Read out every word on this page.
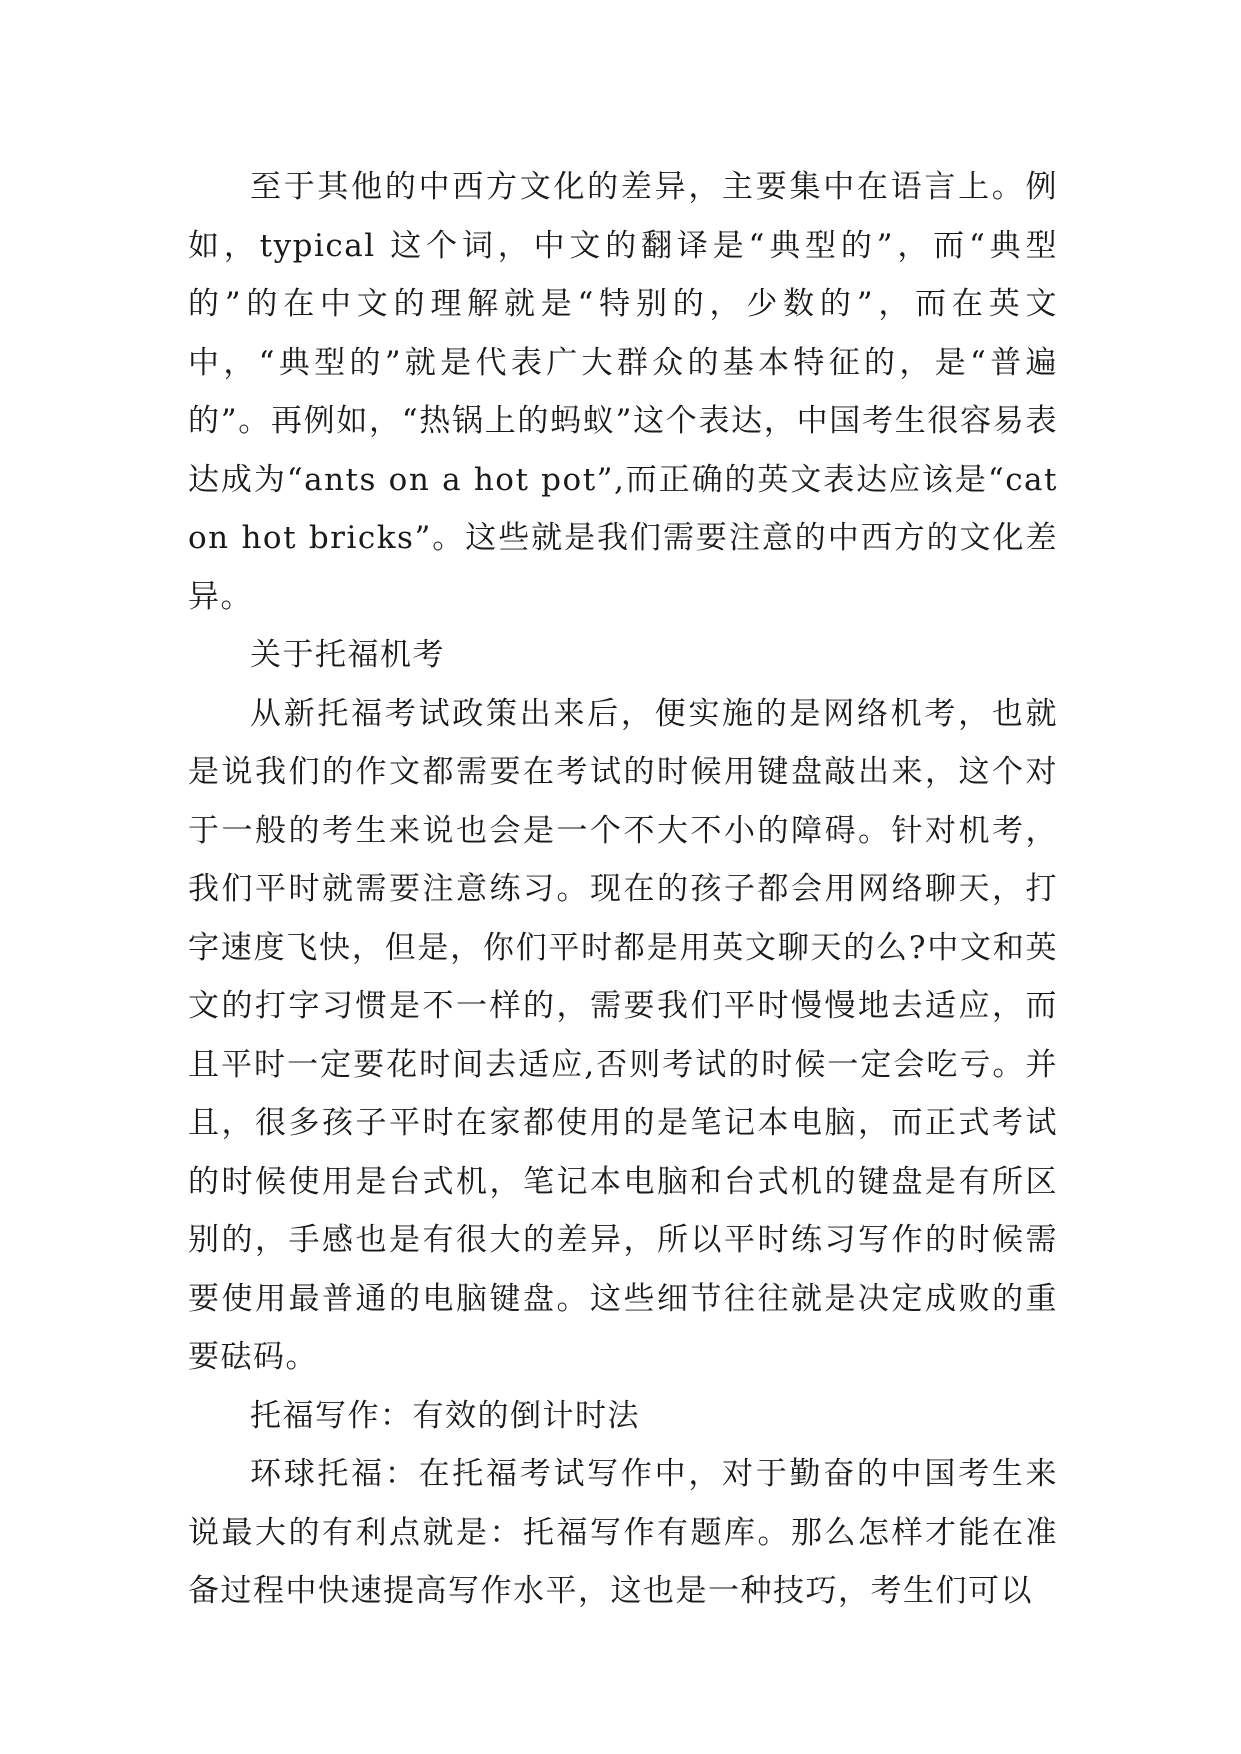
至于其他的中西方文化的差异，主要集中在语言上。例如，typical 这个词，中文的翻译是“典型的”，而“典型的”的在中文的理解就是“特别的，少数的”，而在英文中，“典型的”就是代表广大群众的基本特征的，是“普遍的”。再例如，“热锅上的蚂蚁”这个表达，中国考生很容易表达成为“ants on a hot pot”,而正确的英文表达应该是“cat on hot bricks”。这些就是我们需要注意的中西方的文化差异。

关于托福机考

从新托福考试政策出来后，便实施的是网络机考，也就是说我们的作文都需要在考试的时候用键盘敲出来，这个对于一般的考生来说也会是一个不大不小的障碍。针对机考，我们平时就需要注意练习。现在的孩子都会用网络聊天，打字速度飞快，但是，你们平时都是用英文聊天的么?中文和英文的打字习惯是不一样的，需要我们平时慢慢地去适应，而且平时一定要花时间去适应,否则考试的时候一定会吃亏。并且，很多孩子平时在家都使用的是笔记本电脑，而正式考试的时候使用是台式机，笔记本电脑和台式机的键盘是有所区别的，手感也是有很大的差异，所以平时练习写作的时候需要使用最普通的电脑键盘。这些细节往往就是决定成败的重要砝码。

托福写作：有效的倒计时法

环球托福：在托福考试写作中，对于勤奋的中国考生来说最大的有利点就是：托福写作有题库。那么怎样才能在准备过程中快速提高写作水平，这也是一种技巧，考生们可以
